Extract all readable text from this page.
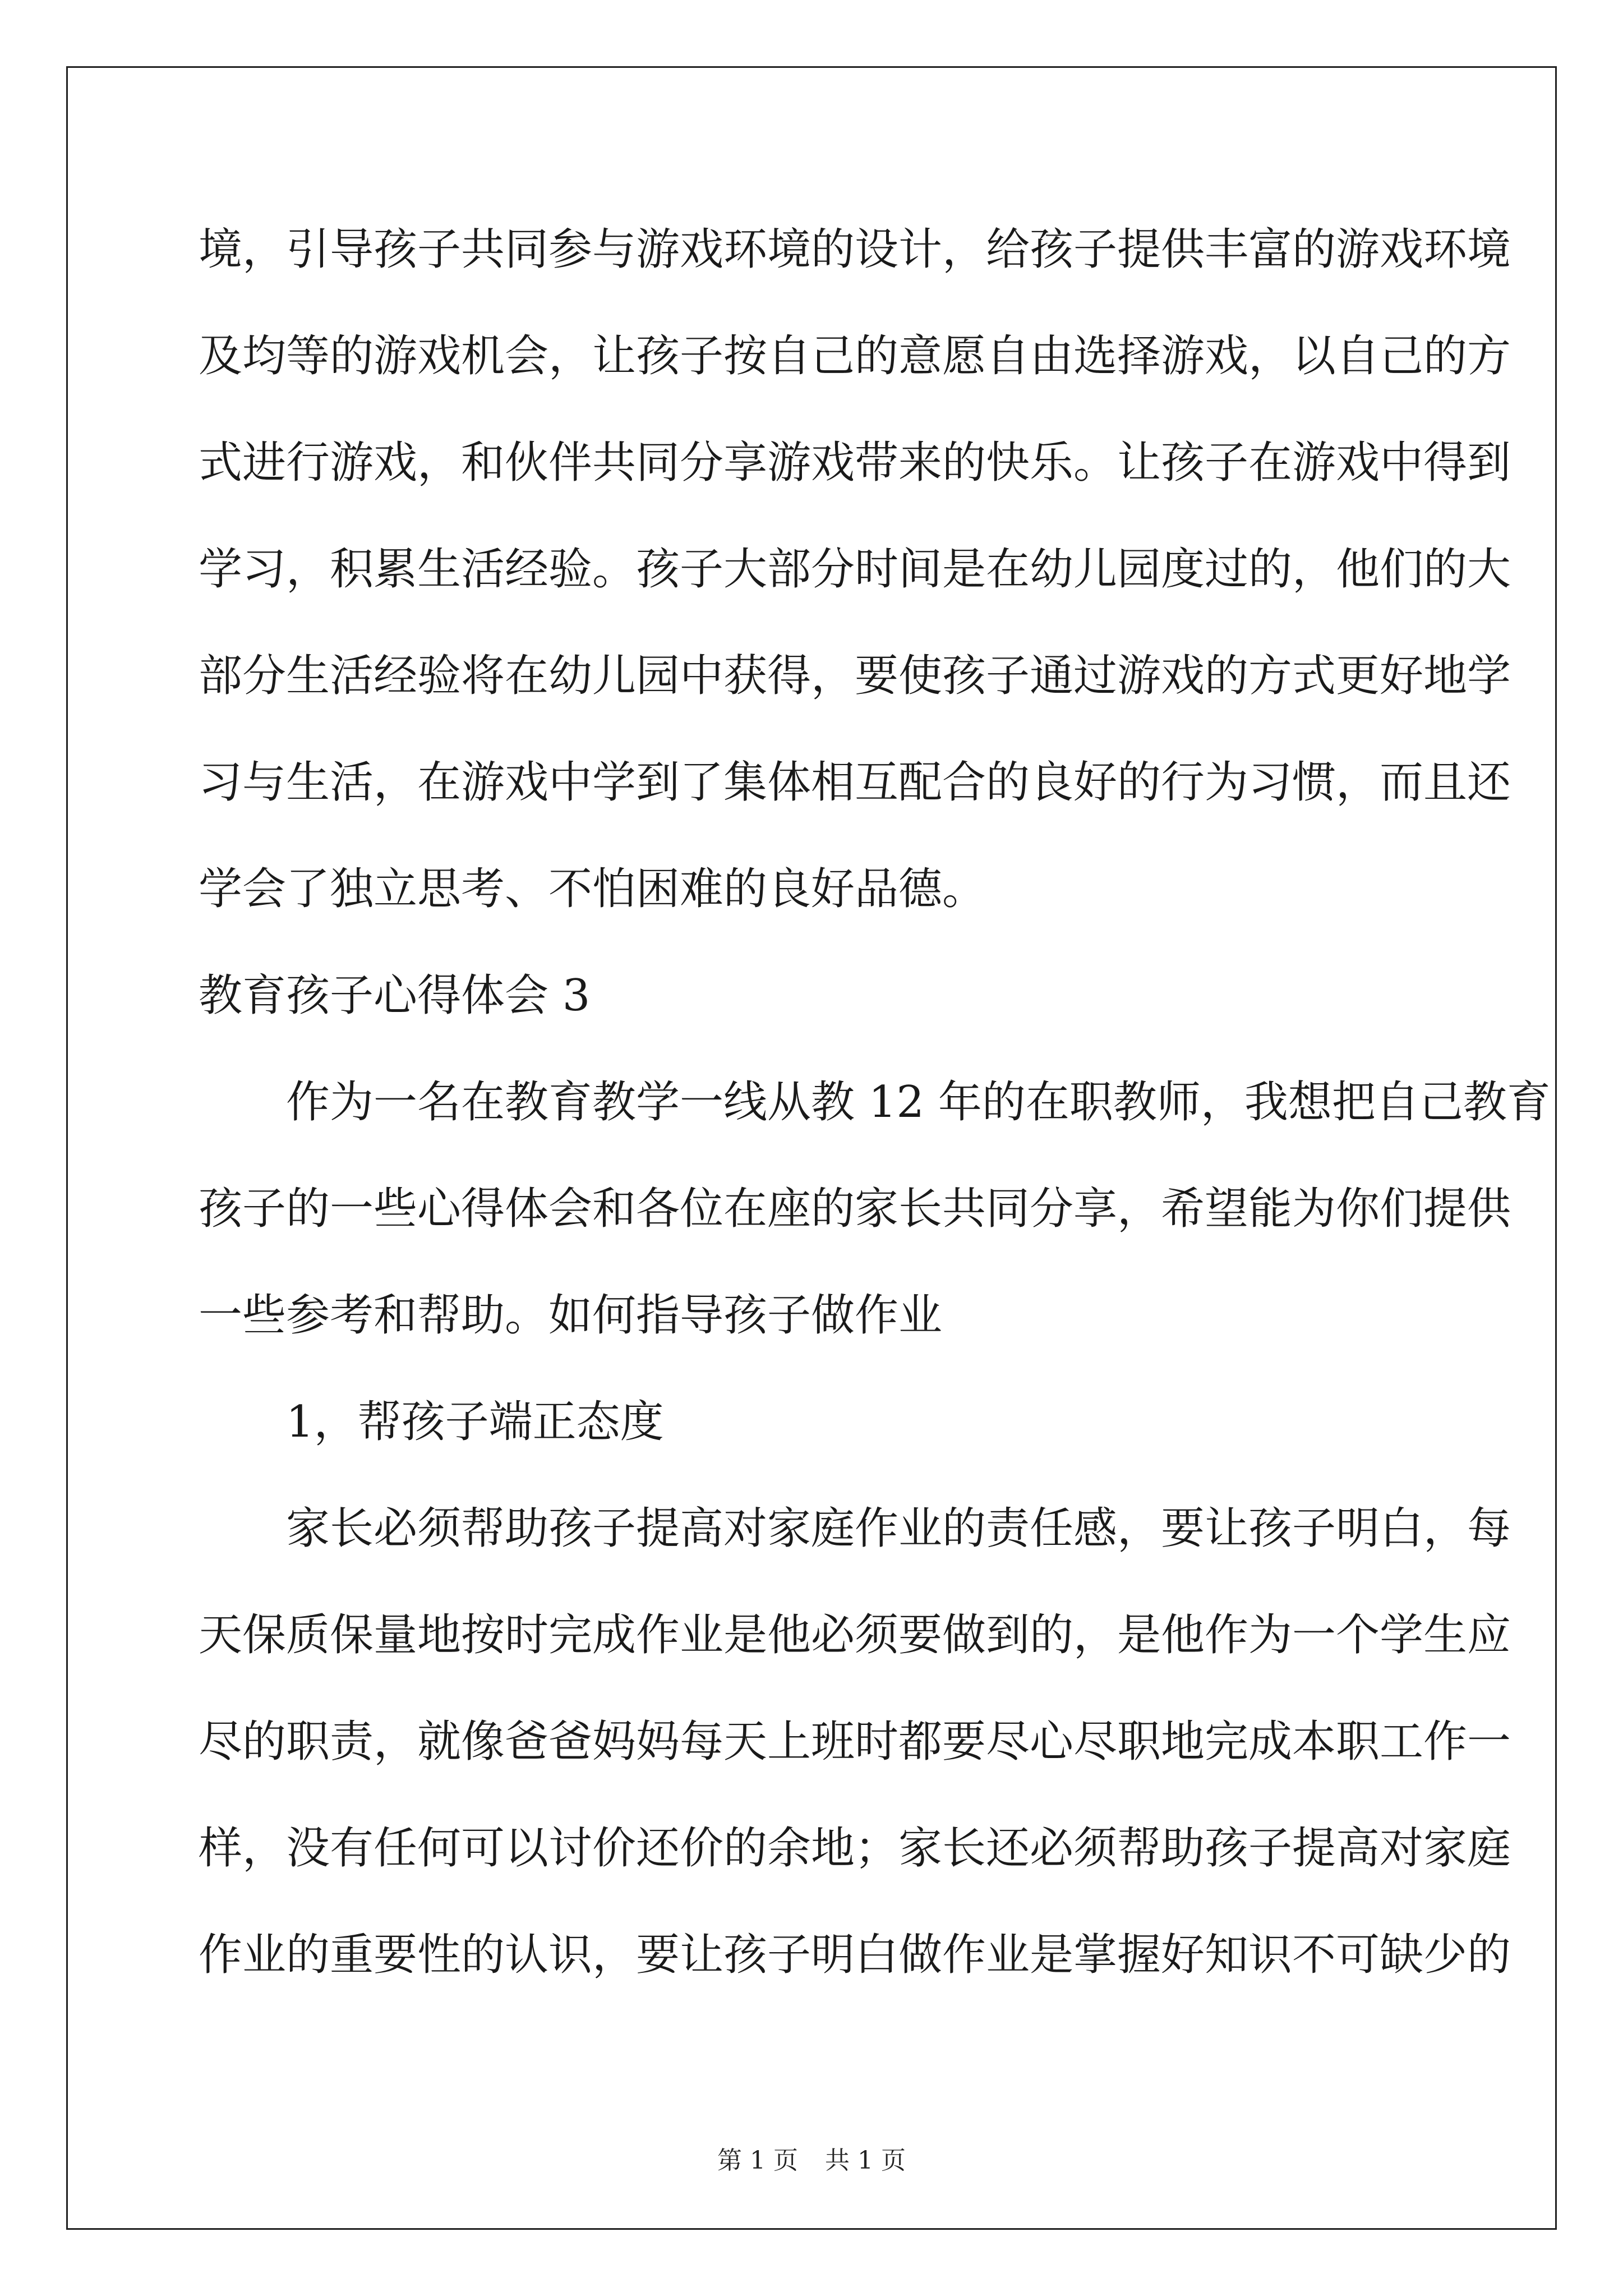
境，引导孩子共同参与游戏环境的设计，给孩子提供丰富的游戏环境
及均等的游戏机会，让孩子按自己的意愿自由选择游戏，以自己的方
式进行游戏，和伙伴共同分享游戏带来的快乐。让孩子在游戏中得到
学习，积累生活经验。孩子大部分时间是在幼儿园度过的，他们的大
部分生活经验将在幼儿园中获得，要使孩子通过游戏的方式更好地学
习与生活，在游戏中学到了集体相互配合的良好的行为习惯，而且还
学会了独立思考、不怕困难的良好品德。
教育孩子心得体会 3
作为一名在教育教学一线从教 12 年的在职教师，我想把自己教育
孩子的一些心得体会和各位在座的家长共同分享，希望能为你们提供
一些参考和帮助。如何指导孩子做作业
1，帮孩子端正态度
家长必须帮助孩子提高对家庭作业的责任感，要让孩子明白，每
天保质保量地按时完成作业是他必须要做到的，是他作为一个学生应
尽的职责，就像爸爸妈妈每天上班时都要尽心尽职地完成本职工作一
样，没有任何可以讨价还价的余地；家长还必须帮助孩子提高对家庭
作业的重要性的认识，要让孩子明白做作业是掌握好知识不可缺少的
第 1 页 共 1 页
